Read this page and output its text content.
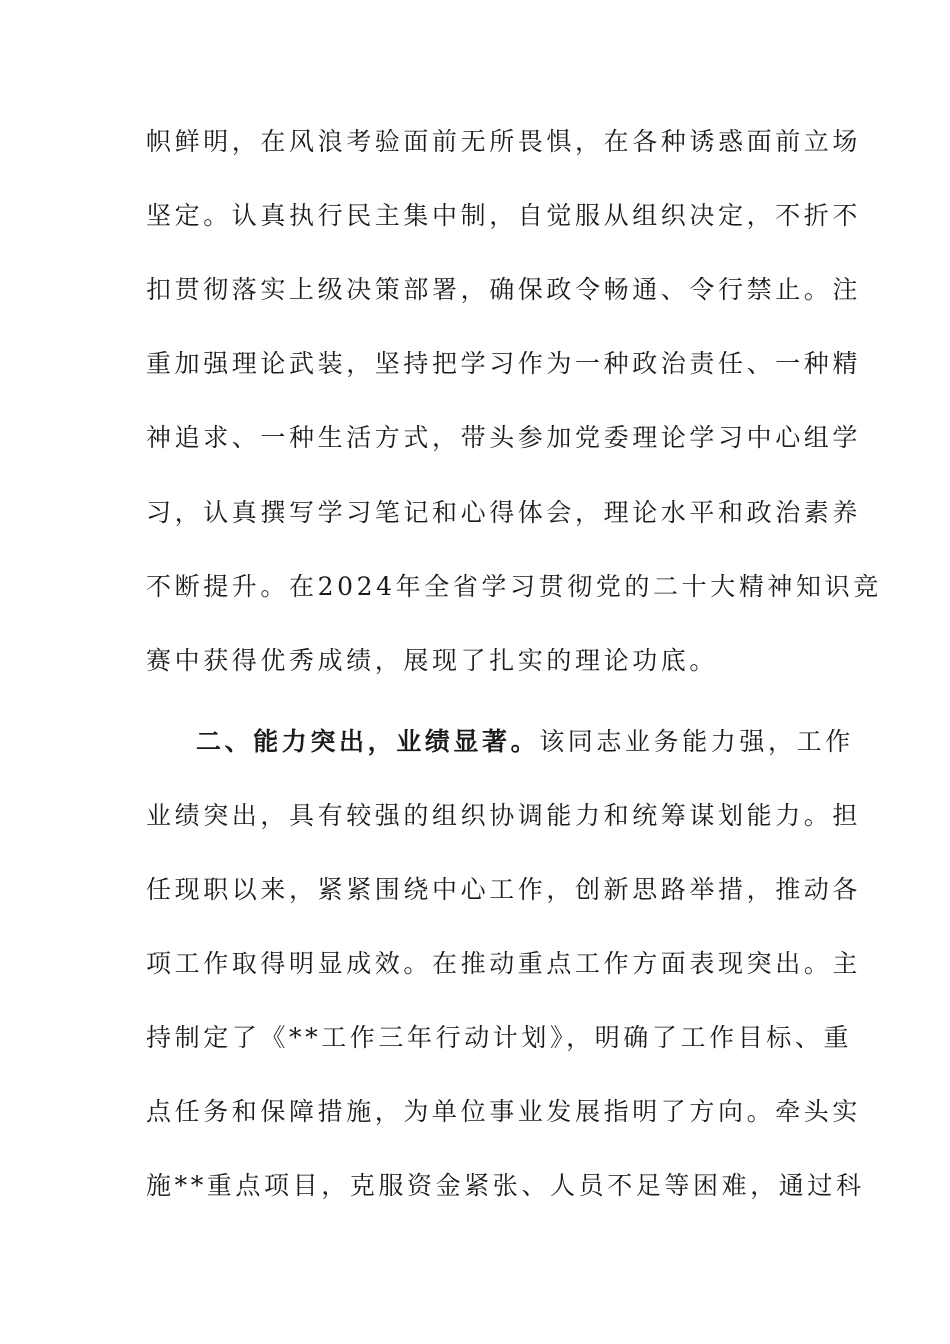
帜鲜明，在风浪考验面前无所畏惧，在各种诱惑面前立场
坚定。认真执行民主集中制，自觉服从组织决定，不折不
扣贯彻落实上级决策部署，确保政令畅通、令行禁止。注
重加强理论武装，坚持把学习作为一种政治责任、一种精
神追求、一种生活方式，带头参加党委理论学习中心组学
习，认真撰写学习笔记和心得体会，理论水平和政治素养
不断提升。在2024年全省学习贯彻党的二十大精神知识竞
赛中获得优秀成绩，展现了扎实的理论功底。
二、能力突出，业绩显著。该同志业务能力强，工作
业绩突出，具有较强的组织协调能力和统筹谋划能力。担
任现职以来，紧紧围绕中心工作，创新思路举措，推动各
项工作取得明显成效。在推动重点工作方面表现突出。主
持制定了《**工作三年行动计划》，明确了工作目标、重
点任务和保障措施，为单位事业发展指明了方向。牵头实
施**重点项目，克服资金紧张、人员不足等困难，通过科
